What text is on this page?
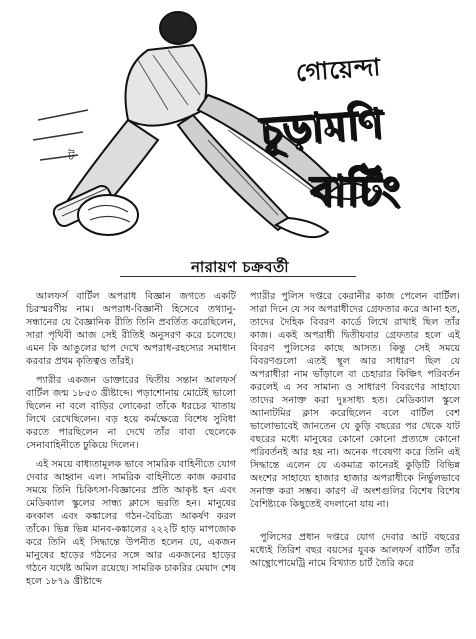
ট
গোয়েন্দা
চূড়ামণি
বার্টিং
নারায়ণ চক্রবর্তী

আলফর্স বার্টিল অপরাধ বিজ্ঞান জগতে একটি চিরস্মরণীয় নাম। অপরাধ-বিজ্ঞানী হিসেবে তথ্যানু-সন্ধানের যে বৈজ্ঞানিক রীতি তিনি প্রবর্তিত করেছিলেন, সারা পৃথিবী আজ সেই রীতিই অনুসরণ করে চলেছে। এমন কি আঙুলের ছাপ দেখে অপরাধ-রহস্যের সমাধান করবার প্রথম কৃতিত্বও তাঁরই।

প্যারীর একজন ডাক্তারের দ্বিতীয় সন্তান আলফর্স বার্টিল জন্ম ১৮৫৩ খ্রীষ্টাব্দে। পড়াশোনায় মোটেই ভালো ছিলেন না বলে বাড়ির লোকেরা তাঁকে ধরচের খাতায় লিখে রেখেছিলেন। বড় হয়ে কর্মক্ষেত্রে বিশেষ সুবিধা করতে পারছিলেন না দেখে তাঁর বাবা ছেলেকে সেনাবাহিনীতে ঢুকিয়ে দিলেন।

এই সময়ে বাধ্যতামূলক ভাবে সামরিক বাহিনীতে যোগ দেবার আহ্বান এল। সামরিক বাহিনীতে কাজ করবার সময়ে তিনি চিকিৎসা-বিজ্ঞানের প্রতি আকৃষ্ট হন এবং মেডিক্যাল স্কুলের সান্ধ্য ক্লাসে ভরতি হন। মানুষের কংকাল এবং কঙ্কালের গঠন-বৈচিত্র্য আকর্ষণ করল তাঁকে। ভিন্ন ভিন্ন মানব-কঙ্কালের ২২২টি হাড় মাপজোক করে তিনি এই সিদ্ধান্তে উপনীত হলেন যে, একজন মানুষের হাড়ের গঠনের সঙ্গে আর একজনের হাড়ের গঠনে যথেষ্ট অমিল রয়েছে। সামরিক চাকরির মেয়াদ শেষ হলে ১৮৭৯ খ্রীষ্টাব্দে

প্যারীর পুলিস দপ্তরে কেরানীর কাজ পেলেন বার্টিল। সারা দিনে যে সব অপরাধীদের গ্রেফতার করে আনা হত, তাদের দৈহিক বিবরণ কার্ডে লিখে রাখাই ছিল তাঁর কাজ। একই অপরাধী দ্বিতীয়বার গ্রেফতার হলে এই বিবরণ পুলিসের কাছে আসত। কিন্তু সেই সময়ে বিবরণগুলো এতই স্থূল আর সাধারণ ছিল যে অপরাধীরা নাম ভাঁড়ালে বা চেহারার কিঞ্চিৎ পরিবর্তন করলেই এ সব সামান্য ও সাধারণ বিবরণের সাহায্যে তাদের সনাক্ত করা দুঃসাধ্য হত। মেডিক্যাল স্কুলে অ্যানাটমির ক্লাস করেছিলেন বলে বার্টিল বেশ ভালোভাবেই জানতেন যে কুড়ি বছরের পর থেকে যাট বছরের মধ্যে মানুষের কোনো কোনো প্রত্যঙ্গে কোনো পরিবর্তনই আর হয় না। অনেক গবেষণা করে তিনি এই সিদ্ধান্তে এলেন যে একমাত্র কানেরই কুড়িটি বিভিন্ন অংশের সাহায্যে হাজার হাজার অপরাধীকে নির্ভুলভাবে সনাক্ত করা সম্ভব। কারণ ঐ অংশগুলির বিশেষ বিশেষ বৈশিষ্ট্যকে কিছুতেই বদলানো যায় না।

পুলিসের প্রধান দপ্তরে যোগ দেবার আট বছরের মধ্যেই তিরিশ বছর বয়সের যুবক আলফর্স বার্টিল তাঁর আন্থ্রোপোমেট্রি নামে বিখ্যাত চার্ট তৈরি করে
